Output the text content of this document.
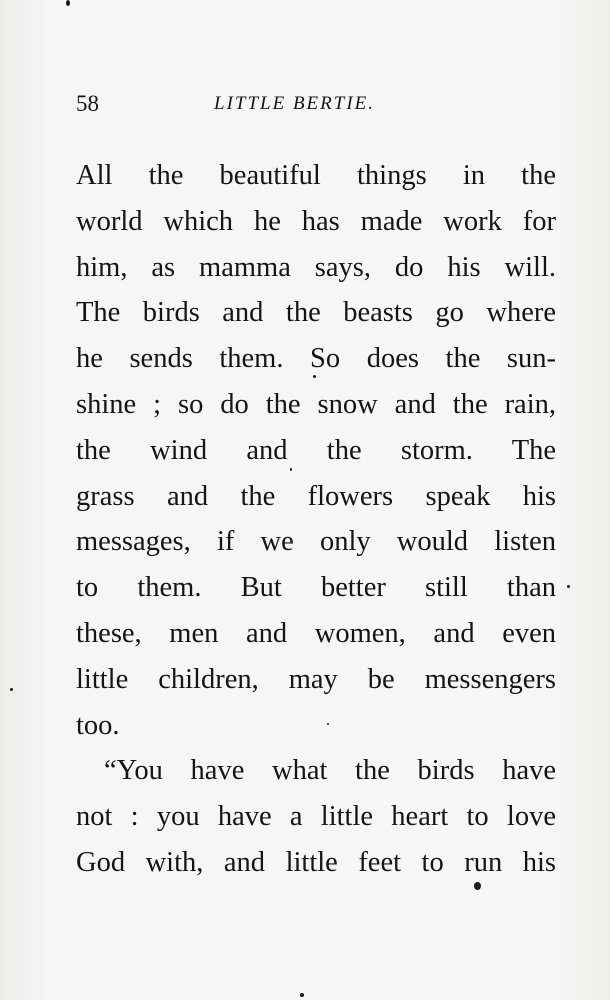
58	LITTLE BERTIE.

All the beautiful things in the
world which he has made work for
him, as mamma says, do his will.
The birds and the beasts go where
he sends them. So does the sun-
shine ; so do the snow and the rain,
the wind and the storm. The
grass and the flowers speak his
messages, if we only would listen
to them. But better still than
these, men and women, and even
little children, may be messengers
too.
“You have what the birds have
not : you have a little heart to love
God with, and little feet to run his
